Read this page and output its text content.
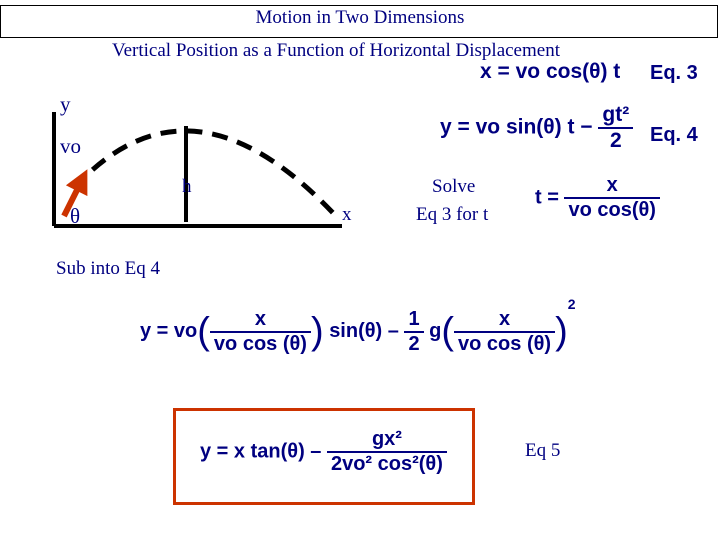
Motion in Two Dimensions
Vertical Position as a Function of Horizontal Displacement
y
vo
θ
h
x
x = vo cos(θ) t Eq. 3
y = vo sin(θ) $t - \frac{\text{gt²}}{2} Eq$. 4
Solve
Eq 3 for t
$t = \frac{x}{\text{vo cos(θ)}}$
Sub into Eq 4
$y = vo( \frac{x}{\text{vo cos (θ)}}$ ) $\sin(\theta) - \frac{1}{2} g( \frac{x}{\text{vo cos (θ)}} )^2$
y = x $\tan(\theta) - \frac{\text{gx²}}{\text{2vo² cos²(θ)}}$	Eq 5
